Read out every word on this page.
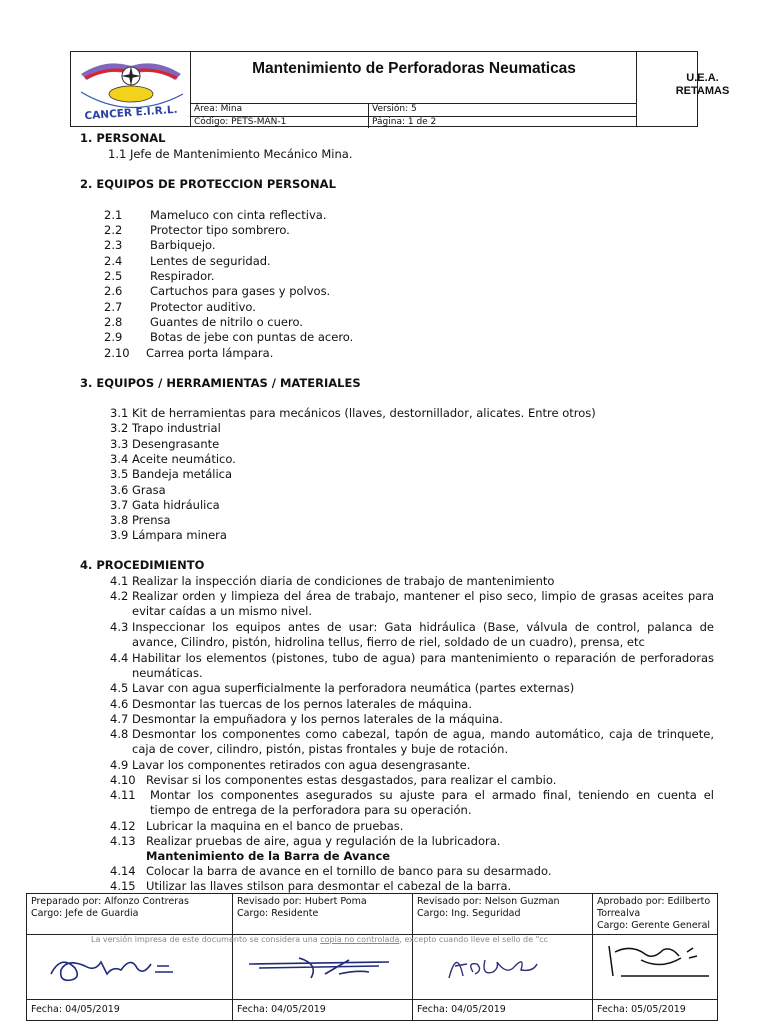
CANCER E.I.R.L.
Mantenimiento de Perforadoras Neumaticas
Área: Mina	Versión: 5
Código: PETS-MAN-1	Página: 1 de 2
U.E.A.
RETAMAS
1. PERSONAL
1.1 Jefe de Mantenimiento Mecánico Mina.
2. EQUIPOS DE PROTECCION PERSONAL
2.1 Mameluco con cinta reflectiva.
2.2 Protector tipo sombrero.
2.3 Barbiquejo.
2.4 Lentes de seguridad.
2.5 Respirador.
2.6 Cartuchos para gases y polvos.
2.7 Protector auditivo.
2.8 Guantes de nitrilo o cuero.
2.9 Botas de jebe con puntas de acero.
2.10 Carrea porta lámpara.
3. EQUIPOS / HERRAMIENTAS / MATERIALES
3.1 Kit de herramientas para mecánicos (llaves, destornillador, alicates. Entre otros)
3.2 Trapo industrial
3.3 Desengrasante
3.4 Aceite neumático.
3.5 Bandeja metálica
3.6 Grasa
3.7 Gata hidráulica
3.8 Prensa
3.9 Lámpara minera
4. PROCEDIMIENTO
4.1 Realizar la inspección diaria de condiciones de trabajo de mantenimiento
4.2 Realizar orden y limpieza del área de trabajo, mantener el piso seco, limpio de grasas aceites para evitar caídas a un mismo nivel.
4.3 Inspeccionar los equipos antes de usar: Gata hidráulica (Base, válvula de control, palanca de avance, Cilindro, pistón, hidrolina tellus, fierro de riel, soldado de un cuadro), prensa, etc
4.4 Habilitar los elementos (pistones, tubo de agua) para mantenimiento o reparación de perforadoras neumáticas.
4.5 Lavar con agua superficialmente la perforadora neumática (partes externas)
4.6 Desmontar las tuercas de los pernos laterales de máquina.
4.7 Desmontar la empuñadora y los pernos laterales de la máquina.
4.8 Desmontar los componentes como cabezal, tapón de agua, mando automático, caja de trinquete, caja de cover, cilindro, pistón, pistas frontales y buje de rotación.
4.9 Lavar los componentes retirados con agua desengrasante.
4.10 Revisar si los componentes estas desgastados, para realizar el cambio.
4.11 Montar los componentes asegurados su ajuste para el armado final, teniendo en cuenta el tiempo de entrega de la perforadora para su operación.
4.12 Lubricar la maquina en el banco de pruebas.
4.13 Realizar pruebas de aire, agua y regulación de la lubricadora.
Mantenimiento de la Barra de Avance
4.14 Colocar la barra de avance en el tornillo de banco para su desarmado.
4.15 Utilizar las llaves stilson para desmontar el cabezal de la barra.
Preparado por: Alfonzo Contreras
Cargo: Jefe de Guardia
Fecha: 04/05/2019
Revisado por: Hubert Poma
Cargo: Residente
Fecha: 04/05/2019
Revisado por: Nelson Guzman
Cargo: Ing. Seguridad
Fecha: 04/05/2019
Aprobado por: Edilberto
Torrealva
Cargo: Gerente General
Fecha: 05/05/2019
La versión impresa de este documento se considera una copia no controlada, excepto cuando lleve el sello de "cc
